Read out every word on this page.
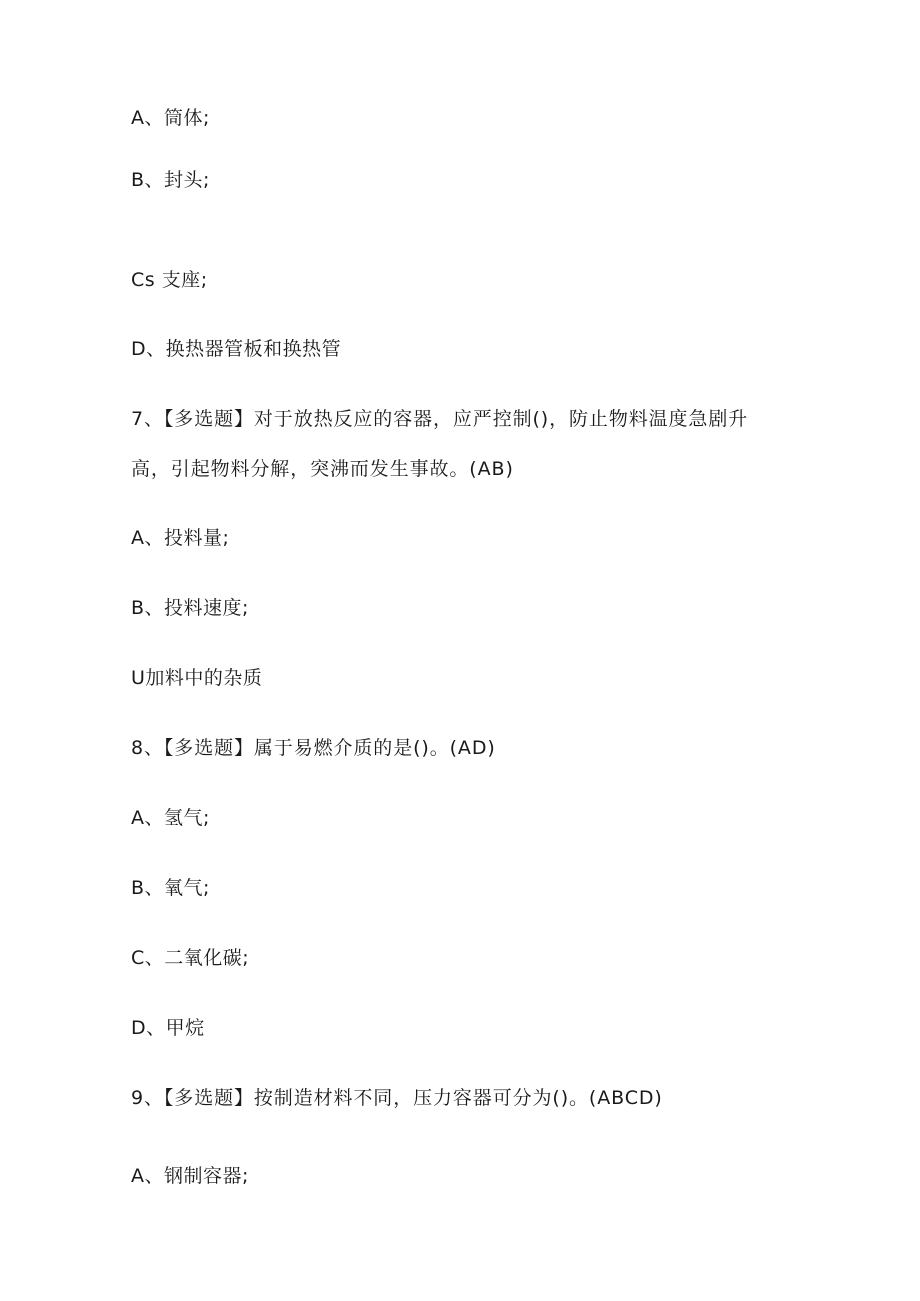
A、筒体;
B、封头;
Cs 支座;
D、换热器管板和换热管
7、【多选题】对于放热反应的容器，应严控制()，防止物料温度急剧升
高，引起物料分解，突沸而发生事故。(AB)
A、投料量;
B、投料速度;
U加料中的杂质
8、【多选题】属于易燃介质的是()。(AD)
A、氢气;
B、氧气;
C、二氧化碳;
D、甲烷
9、【多选题】按制造材料不同，压力容器可分为()。(ABCD)
A、钢制容器;
